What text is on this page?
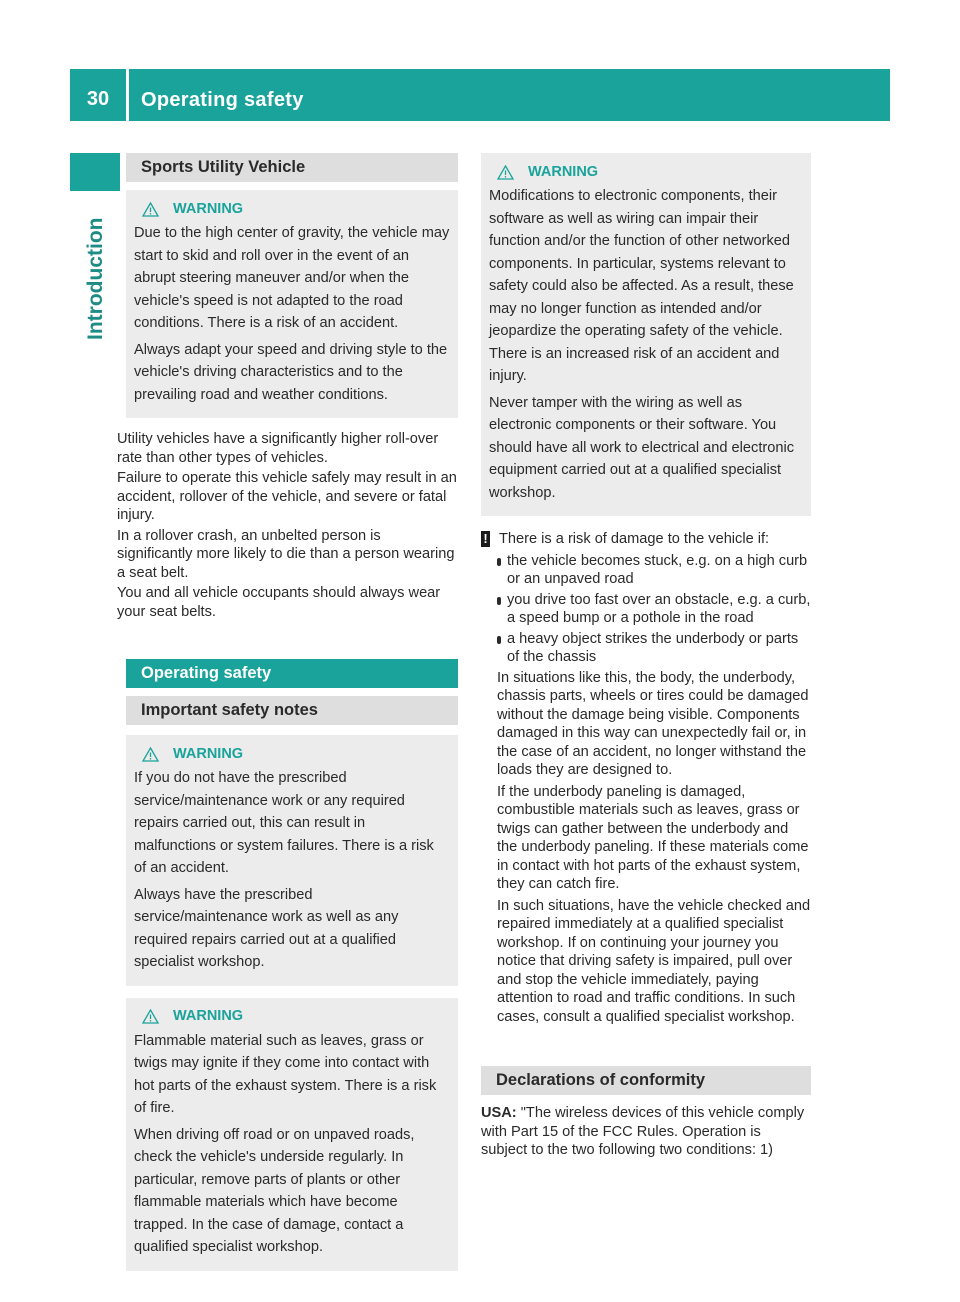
30	Operating safety
Introduction
Sports Utility Vehicle
WARNING

Due to the high center of gravity, the vehicle may start to skid and roll over in the event of an abrupt steering maneuver and/or when the vehicle's speed is not adapted to the road conditions. There is a risk of an accident.

Always adapt your speed and driving style to the vehicle's driving characteristics and to the prevailing road and weather conditions.

Utility vehicles have a significantly higher roll-over rate than other types of vehicles.

Failure to operate this vehicle safely may result in an accident, rollover of the vehicle, and severe or fatal injury.

In a rollover crash, an unbelted person is significantly more likely to die than a person wearing a seat belt.

You and all vehicle occupants should always wear your seat belts.

Operating safety
Important safety notes
WARNING

If you do not have the prescribed service/maintenance work or any required repairs carried out, this can result in malfunctions or system failures. There is a risk of an accident.

Always have the prescribed service/maintenance work as well as any required repairs carried out at a qualified specialist workshop.

WARNING

Flammable material such as leaves, grass or twigs may ignite if they come into contact with hot parts of the exhaust system. There is a risk of fire.

When driving off road or on unpaved roads, check the vehicle's underside regularly. In particular, remove parts of plants or other flammable materials which have become trapped. In the case of damage, contact a qualified specialist workshop.

WARNING

Modifications to electronic components, their software as well as wiring can impair their function and/or the function of other networked components. In particular, systems relevant to safety could also be affected. As a result, these may no longer function as intended and/or jeopardize the operating safety of the vehicle. There is an increased risk of an accident and injury.

Never tamper with the wiring as well as electronic components or their software. You should have all work to electrical and electronic equipment carried out at a qualified specialist workshop.

! There is a risk of damage to the vehicle if:
the vehicle becomes stuck, e.g. on a high curb or an unpaved road
you drive too fast over an obstacle, e.g. a curb, a speed bump or a pothole in the road
a heavy object strikes the underbody or parts of the chassis

In situations like this, the body, the underbody, chassis parts, wheels or tires could be damaged without the damage being visible. Components damaged in this way can unexpectedly fail or, in the case of an accident, no longer withstand the loads they are designed to.

If the underbody paneling is damaged, combustible materials such as leaves, grass or twigs can gather between the underbody and the underbody paneling. If these materials come in contact with hot parts of the exhaust system, they can catch fire.

In such situations, have the vehicle checked and repaired immediately at a qualified specialist workshop. If on continuing your journey you notice that driving safety is impaired, pull over and stop the vehicle immediately, paying attention to road and traffic conditions. In such cases, consult a qualified specialist workshop.

Declarations of conformity
USA: "The wireless devices of this vehicle comply with Part 15 of the FCC Rules. Operation is subject to the two following two conditions: 1)
